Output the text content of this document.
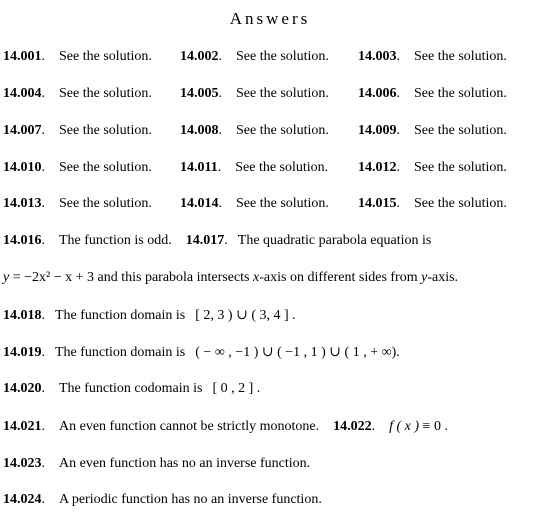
Answers
14.001. See the solution. 14.002. See the solution. 14.003. See the solution.
14.004. See the solution. 14.005. See the solution. 14.006. See the solution.
14.007. See the solution. 14.008. See the solution. 14.009. See the solution.
14.010. See the solution. 14.011. See the solution. 14.012. See the solution.
14.013. See the solution. 14.014. See the solution. 14.015. See the solution.
14.016. The function is odd. 14.017. The quadratic parabola equation is
y = −2x² − x + 3 and this parabola intersects x-axis on different sides from y-axis.
14.018. The function domain is [ 2, 3 ) ∪ ( 3, 4 ] .
14.019. The function domain is ( − ∞ , −1 ) ∪ ( −1 , 1 ) ∪ ( 1 , + ∞).
14.020. The function codomain is [ 0 , 2 ] .
14.021. An even function cannot be strictly monotone. 14.022. f ( x ) ≡ 0 .
14.023. An even function has no an inverse function.
14.024. A periodic function has no an inverse function.
